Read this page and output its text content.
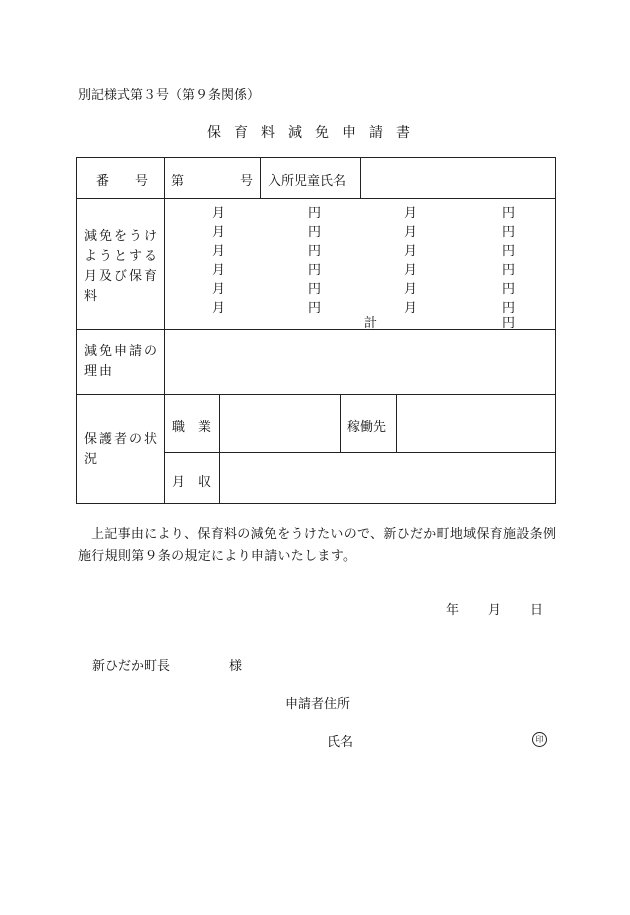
別記様式第３号（第９条関係）
保育料減免申請書
番　　号 第	号 入所児童氏名
減免をうけようとする月及び保育料
月	円	月	円
月	円	月	円
月	円	月	円
月	円	月	円
月	円	月	円
月	円	月	円
計	円
減免申請の理由
保護者の状況
職　業	稼働先
月　収
上記事由により、保育料の減免をうけたいので、新ひだか町地域保育施設条例施行規則第９条の規定により申請いたします。
年 月 日
新ひだか町長	様
申請者住所
氏名	印
